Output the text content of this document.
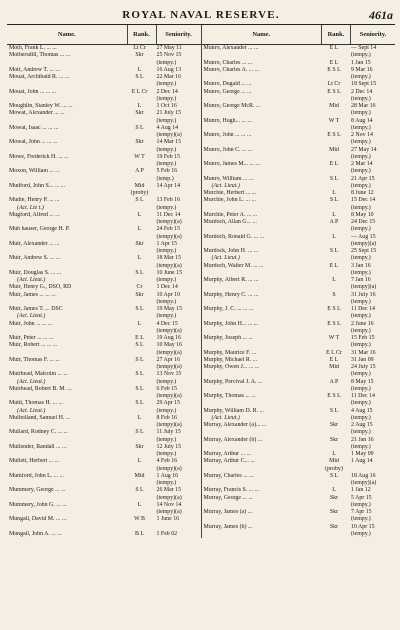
ROYAL NAVAL RESERVE.	461a
Name.	Rank.	Seniority.
Moth, Frank L. ... ...	Lt Cr	27 May 11
Mothersdill, Thomas ... ...	Skr	25 Nov 15
(tempy.)
Mott, Andrew T. ... ...	L	16 Aug 13
Mouat, Archibald R. ... ...	S L	22 Mar 16
(tempy.)
Mouat, John ... ... ...	E L Cr	2 Dec 14
(tempy.)
Moughlin, Stanley W. ... ...	L	1 Oct 16
Mowat, Alexander ... ...	Skr	21 July 15
(tempy.)
Mowat, Isaac ... ... ...	S L	4 Aug 14
(tempy)(a)
Mowat, John ... ... ...	Skr	14 Mar 15
(tempy.)
Mowe, Frederick H. ... ...	W T	19 Feb 15
(tempy.)
Moxon, William ... ...	A P	5 Feb 16
(temp.)
Mudford, John S... ... ...	Mid	14 Apr 14
(proby)
Mudie, Henry P. ... ...	S L	13 Feb 16
(Act. Lie t.)	(tempy.)
Mugford, Alfred ... ...	L	11 Dec 14
(tempy)(a)
Muh hauser, George H. P.	L	24 Feb 15
(tempy)(a)
Muir, Alexander ... ...	Skr	1 Apr 15
(tempy.)
Muir, Andrew S. ... ...	L	18 Mar 15
(tempy)(a)
Muir, Douglas S. ... ...	S L	10 June 15
(Act. Lieut.)	(tempy.)
Muir, Henry G., DSO, RD	Cr	1 Dec 14
Muir, James ... ... ...	Skr	10 Apr 10
(tempy.)
Muir, James T. ... DSC	S L	19 May 15
(Act. Lieut.)	(tempy.)
Muir, John ... ... ...	L	4 Dec 15
(tempy)(a)
Muir, Peter ... ... ...	E L	19 Aug 16
Muir, Robert ... ... ...	S L	10 May 16
(tempy)(a)
Muir, Thomas F. ... ...	S L	27 Apr 16
(tempy)(a)
Muirhead, Malcolm ... ...	S L	13 Nov 15
(Act. Lieut.)	(tempy.)
Muirhead, Robert B. M. ...	S L	6 Feb 15
(tempy)(a)
Muitt, Thomas H. ... ...	S L	29 Apr 15
(Act. Lieut.)	(tempy.)
Mulholland, Samuel H. ...	L	8 Feb 16
(tempy)(a)
Mullard, Rodney C. ... ...	S L	11 July 15
(tempy.)
Mullender, Randall ... ...	Skr	12 July 15
(tempy.)
Mullett, Herbert ... ...	L	4 Feb 16
(tempy)(a)
Mumford, John L. ... ...	Mid	1 Aug 16
(tempy.)
Mummery, George ... ...	S L	26 Mar 15
(tempy)(a)
Mummery, John G. ... ...	L	14 Nov 14
(tempy)(a)
Mungall, David M. ... ...	W B	1 June 16
Mungall, John A. ... ...	B L	1 Feb 02
Name.	Rank.	Seniority.
Munro, Alexander ... ...	E L	— Sept 14
(tempy.)
Munro, Charles ... ...	E L	1 Jan 15
Munro, Charles A. ... ...	E S L	9 Mar 16
(tempy.)
Munro, Dugald ... ...	Lt Cr	18 Sept 15
Munro, George ... ...	E S L	2 Dec 14
(tempy.)
Munro, George McR. ...	Mid	28 Mar 16
(tempy.)
Munro, Hugh... ... ...	W T	8 Aug 14
(tempy.)
Munro, John ... ... ...	E S L	2 Nov 14
(tempy.)
Munro, John C. ... ...	Mid	27 May 14
(tempy.)
Munro, James M... ... ...	E L	2 Mar 14
(tempy.)
Munro, William ... ...	S L	21 Apr 15
(Act. Lieut.)	(tempy.)
Murchie, Herbert ... ...	L	8 June 12
Murchie, John L. ... ...	S L	15 Dec 14
(tempy.)
Murchie, Peter A. ... ...	L	8 May 10
Murdoch, Allan G... ...	A P	24 Dec 15
(tempy.)
Murdoch, Ronald G. ... ...	L	— Aug 15
(tempy)(a)
Murdock, John H. ... ...	S L	25 Sept 15
(Act. Lieut.)	(tempy.)
Murdoch, Walter M. ... ...	E L	3 Jan 16
(tempy.)
Murphy, Albert R. ... ...	L	7 Jan 16
(tempy)(a)
Murphy, Henry C. ... ...	S	31 July 16
(tempy.)
Murphy, J. C. ... ... ...	E S L	11 Dec 14
(tempy.)
Murphy, John H... ... ...	E S L	2 June 16
(tempy.)
Murphy, Joseph ... ...	W T	15 Feb 15
(tempy.)
Murphy, Maurice F. ...	E L Cr	31 Mar 16
Murphy, Michael R. ...	E L	31 Jan 09
Murphy, Owen J... ... ...	Mid	24 July 15
(tempy.)
Murphy, Percival J. A. ...	A P	8 May 15
(tempy.)
Murphy, Thomas ... ...	E S L	11 Dec 14
(tempy.)
Murphy, William D. R. ...	S L	4 Aug 15
(Act. Lieut.)	(tempy.)
Murray, Alexander (a)... ...	Skr	2 Aug 15
(tempy.)
Murray, Alexander (b) ...	Skr	21 Jan 16
(tempy.)
Murray, Arthur ... ...	L	1 May 09
Murray, Arthur C... ...	Mid	1 Aug 14
(proby)
Murray, Charles ... ...	S L	18 Aug 16
(tempy)(a)
Murray, Francis S. ... ...	L	1 Jan 12
Murray, George ... ...	Skr	5 Apr 15
(tempy.)
Murray, James (a) ...	Skr	7 Apr 15
(tempy.)
Murray, James (b) ...	Skr	10 Apr 15
(tempy.)
